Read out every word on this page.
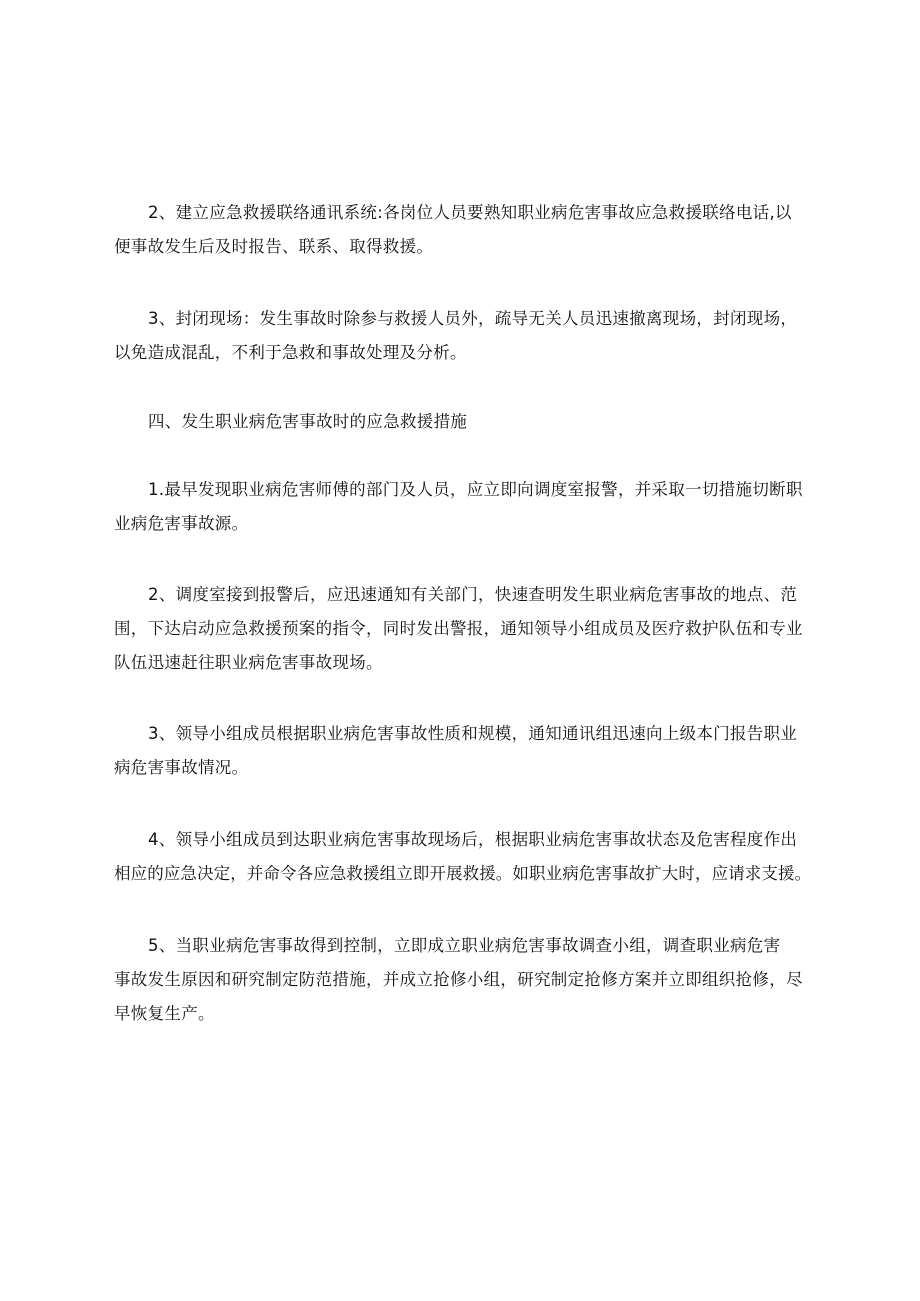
2、建立应急救援联络通讯系统:各岗位人员要熟知职业病危害事故应急救援联络电话,以
便事故发生后及时报告、联系、取得救援。

3、封闭现场：发生事故时除参与救援人员外，疏导无关人员迅速撤离现场，封闭现场，
以免造成混乱，不利于急救和事故处理及分析。

四、发生职业病危害事故时的应急救援措施

1.最早发现职业病危害师傅的部门及人员，应立即向调度室报警，并采取一切措施切断职
业病危害事故源。

2、调度室接到报警后，应迅速通知有关部门，快速查明发生职业病危害事故的地点、范
围，下达启动应急救援预案的指令，同时发出警报，通知领导小组成员及医疗救护队伍和专业
队伍迅速赶往职业病危害事故现场。

3、领导小组成员根据职业病危害事故性质和规模，通知通讯组迅速向上级本门报告职业
病危害事故情况。

4、领导小组成员到达职业病危害事故现场后，根据职业病危害事故状态及危害程度作出
相应的应急决定，并命令各应急救援组立即开展救援。如职业病危害事故扩大时，应请求支援。

5、当职业病危害事故得到控制，立即成立职业病危害事故调查小组，调查职业病危害
事故发生原因和研究制定防范措施，并成立抢修小组，研究制定抢修方案并立即组织抢修，尽
早恢复生产。
